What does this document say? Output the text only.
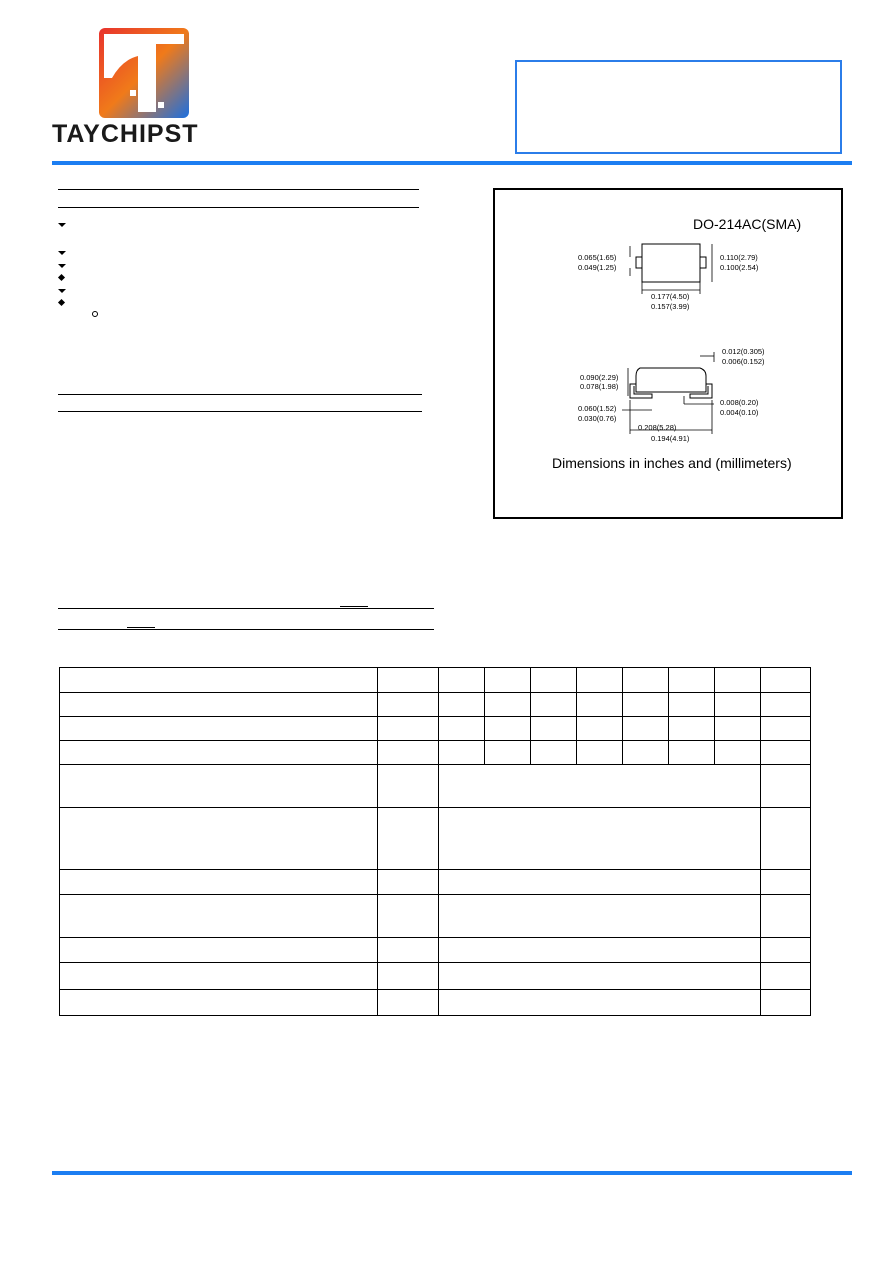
TAYCHIPST
DO-214AC(SMA)
Dimensions in inches and (millimeters)
0.065(1.65)
0.049(1.25)
0.110(2.79)
0.100(2.54)
0.177(4.50)
0.157(3.99)
0.012(0.305)
0.006(0.152)
0.090(2.29)
0.078(1.98)
0.008(0.20)
0.004(0.10)
0.060(1.52)
0.030(0.76)
0.208(5.28)
0.194(4.91)
